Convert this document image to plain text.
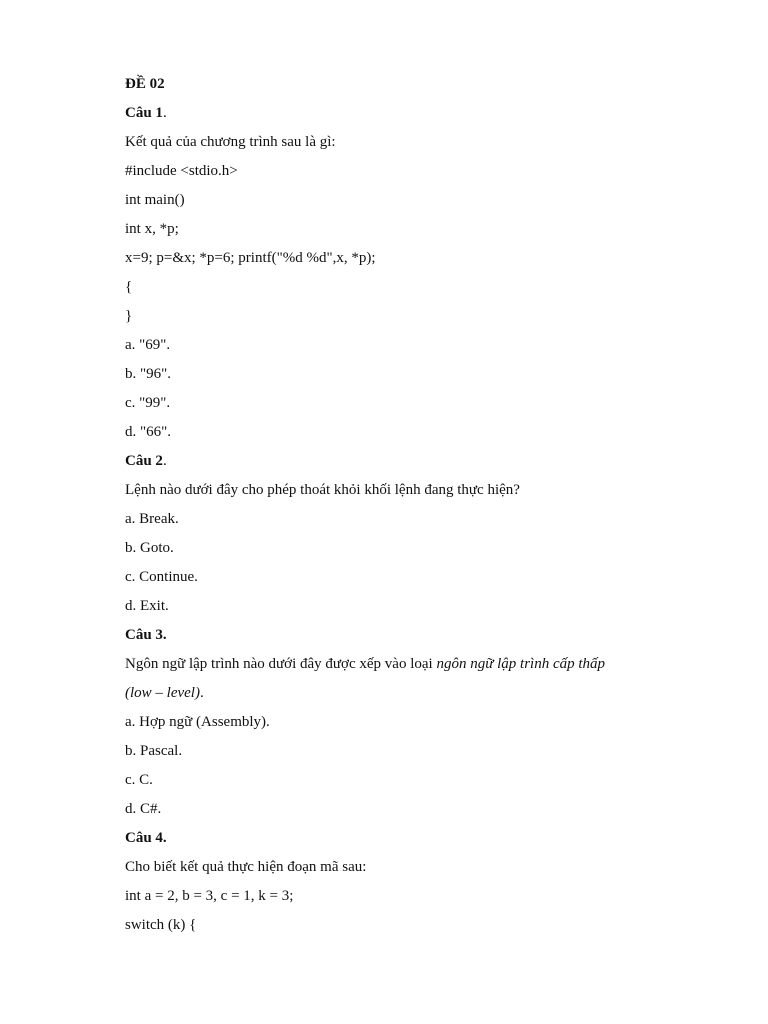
ĐỀ 02
Câu 1.
Kết quả của chương trình sau là gì:
#include <stdio.h>
int main()
int x, *p;
x=9; p=&x; *p=6; printf("%d %d",x, *p);
{
}
a. "69".
b. "96".
c. "99".
d. "66".
Câu 2.
Lệnh nào dưới đây cho phép thoát khỏi khối lệnh đang thực hiện?
a. Break.
b. Goto.
c. Continue.
d. Exit.
Câu 3.
Ngôn ngữ lập trình nào dưới đây được xếp vào loại ngôn ngữ lập trình cấp thấp
(low – level).
a. Hợp ngữ (Assembly).
b. Pascal.
c. C.
d. C#.
Câu 4.
Cho biết kết quả thực hiện đoạn mã sau:
int a = 2, b = 3, c = 1, k = 3;
switch (k) {
